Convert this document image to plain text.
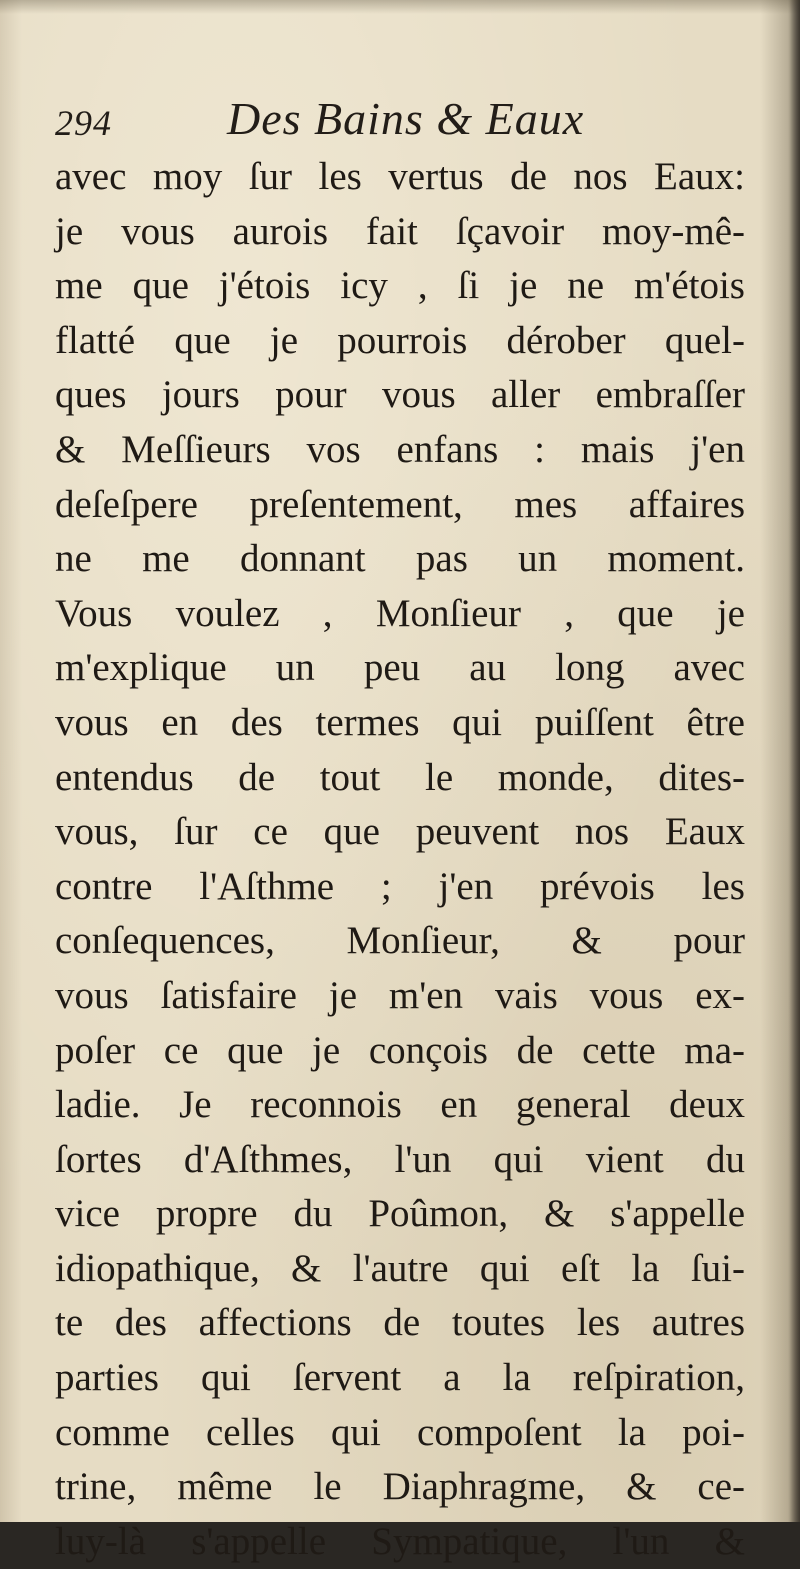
294	Des Bains & Eaux
avec moy ſur les vertus de nos Eaux:
je vous aurois fait ſçavoir moy-mê-
me que j'étois icy , ſi je ne m'étois
flatté que je pourrois dérober quel-
ques jours pour vous aller embraſſer
& Meſſieurs vos enfans : mais j'en
deſeſpere preſentement, mes affaires
ne me donnant pas un moment.
Vous voulez , Monſieur , que je
m'explique un peu au long avec
vous en des termes qui puiſſent être
entendus de tout le monde, dites-
vous, ſur ce que peuvent nos Eaux
contre l'Aſthme ; j'en prévois les
conſequences, Monſieur, & pour
vous ſatisfaire je m'en vais vous ex-
poſer ce que je conçois de cette ma-
ladie. Je reconnois en general deux
ſortes d'Aſthmes, l'un qui vient du
vice propre du Poûmon, & s'appelle
idiopathique, & l'autre qui eſt la ſui-
te des affections de toutes les autres
parties qui ſervent a la reſpiration,
comme celles qui compoſent la poi-
trine, même le Diaphragme, & ce-
luy-là s'appelle Sympatique, l'un &
